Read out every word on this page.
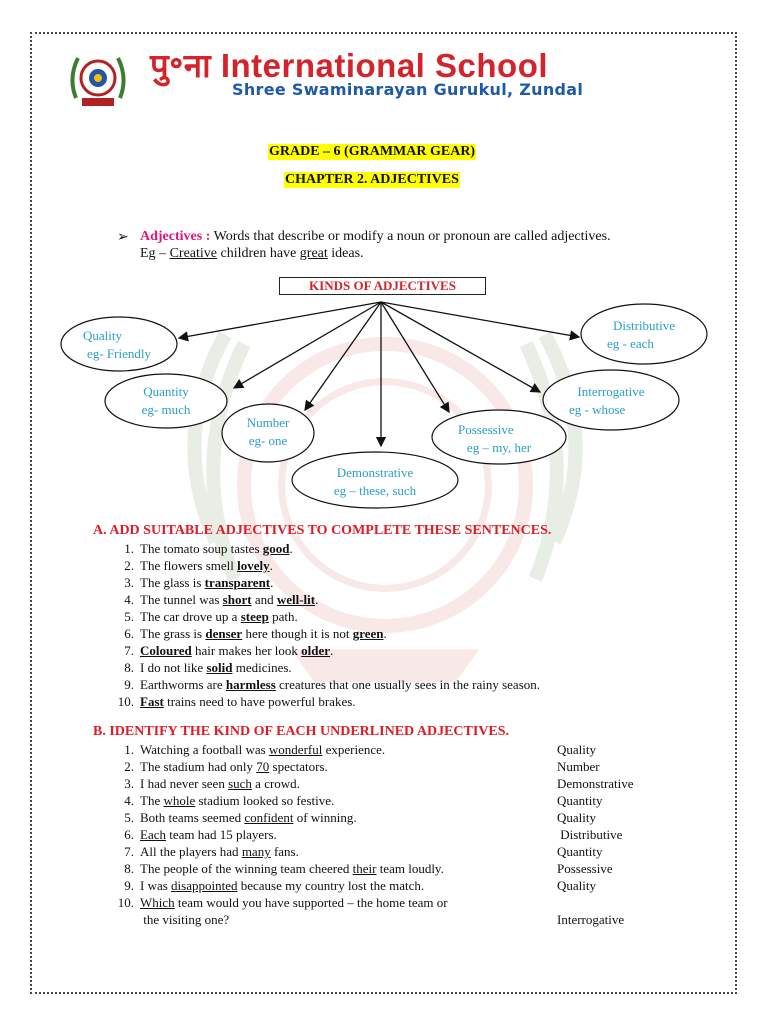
पु॰ना International School
Shree Swaminarayan Gurukul, Zundal
GRADE – 6 (GRAMMAR GEAR)
CHAPTER 2. ADJECTIVES
➢ Adjectives : Words that describe or modify a noun or pronoun are called adjectives.
Eg – Creative children have great ideas.
KINDS OF ADJECTIVES
Quality
eg- Friendly
Quantity
eg- much
Number
eg- one
Demonstrative
eg – these, such
Possessive
eg – my, her
Interrogative
eg - whose
Distributive
eg - each
A. ADD SUITABLE ADJECTIVES TO COMPLETE THESE SENTENCES.
1. The tomato soup tastes good.
2. The flowers smell lovely.
3. The glass is transparent.
4. The tunnel was short and well-lit.
5. The car drove up a steep path.
6. The grass is denser here though it is not green.
7. Coloured hair makes her look older.
8. I do not like solid medicines.
9. Earthworms are harmless creatures that one usually sees in the rainy season.
10. Fast trains need to have powerful brakes.
B. IDENTIFY THE KIND OF EACH UNDERLINED ADJECTIVES.
1. Watching a football was wonderful experience.	Quality
2. The stadium had only 70 spectators.	Number
3. I had never seen such a crowd.	Demonstrative
4. The whole stadium looked so festive.	Quantity
5. Both teams seemed confident of winning.	Quality
6. Each team had 15 players.	Distributive
7. All the players had many fans.	Quantity
8. The people of the winning team cheered their team loudly.	Possessive
9. I was disappointed because my country lost the match.	Quality
10. Which team would you have supported – the home team or
the visiting one?	Interrogative
